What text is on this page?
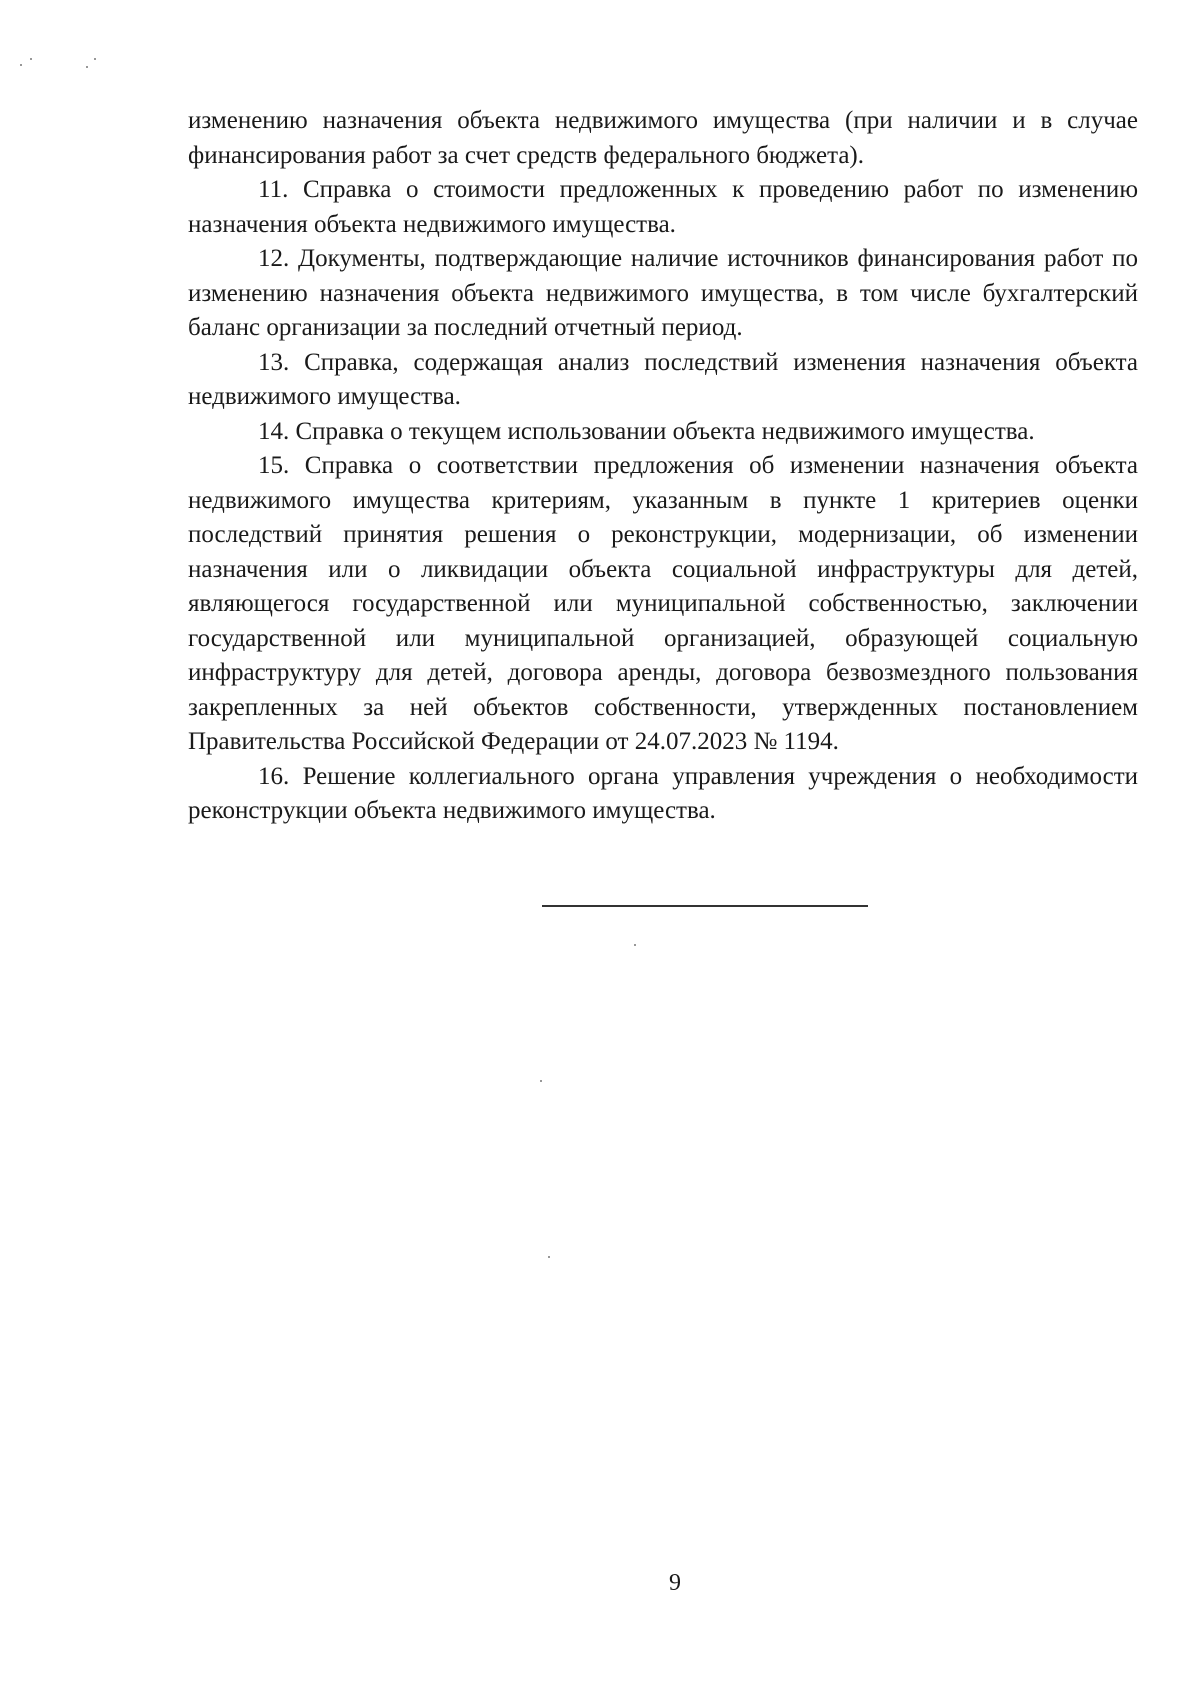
изменению назначения объекта недвижимого имущества (при наличии и в случае финансирования работ за счет средств федерального бюджета).

11. Справка о стоимости предложенных к проведению работ по изменению назначения объекта недвижимого имущества.

12. Документы, подтверждающие наличие источников финансирования работ по изменению назначения объекта недвижимого имущества, в том числе бухгалтерский баланс организации за последний отчетный период.

13. Справка, содержащая анализ последствий изменения назначения объекта недвижимого имущества.

14. Справка о текущем использовании объекта недвижимого имущества.

15. Справка о соответствии предложения об изменении назначения объекта недвижимого имущества критериям, указанным в пункте 1 критериев оценки последствий принятия решения о реконструкции, модернизации, об изменении назначения или о ликвидации объекта социальной инфраструктуры для детей, являющегося государственной или муниципальной собственностью, заключении государственной или муниципальной организацией, образующей социальную инфраструктуру для детей, договора аренды, договора безвозмездного пользования закрепленных за ней объектов собственности, утвержденных постановлением Правительства Российской Федерации от 24.07.2023 № 1194.

16. Решение коллегиального органа управления учреждения о необходимости реконструкции объекта недвижимого имущества.

9
